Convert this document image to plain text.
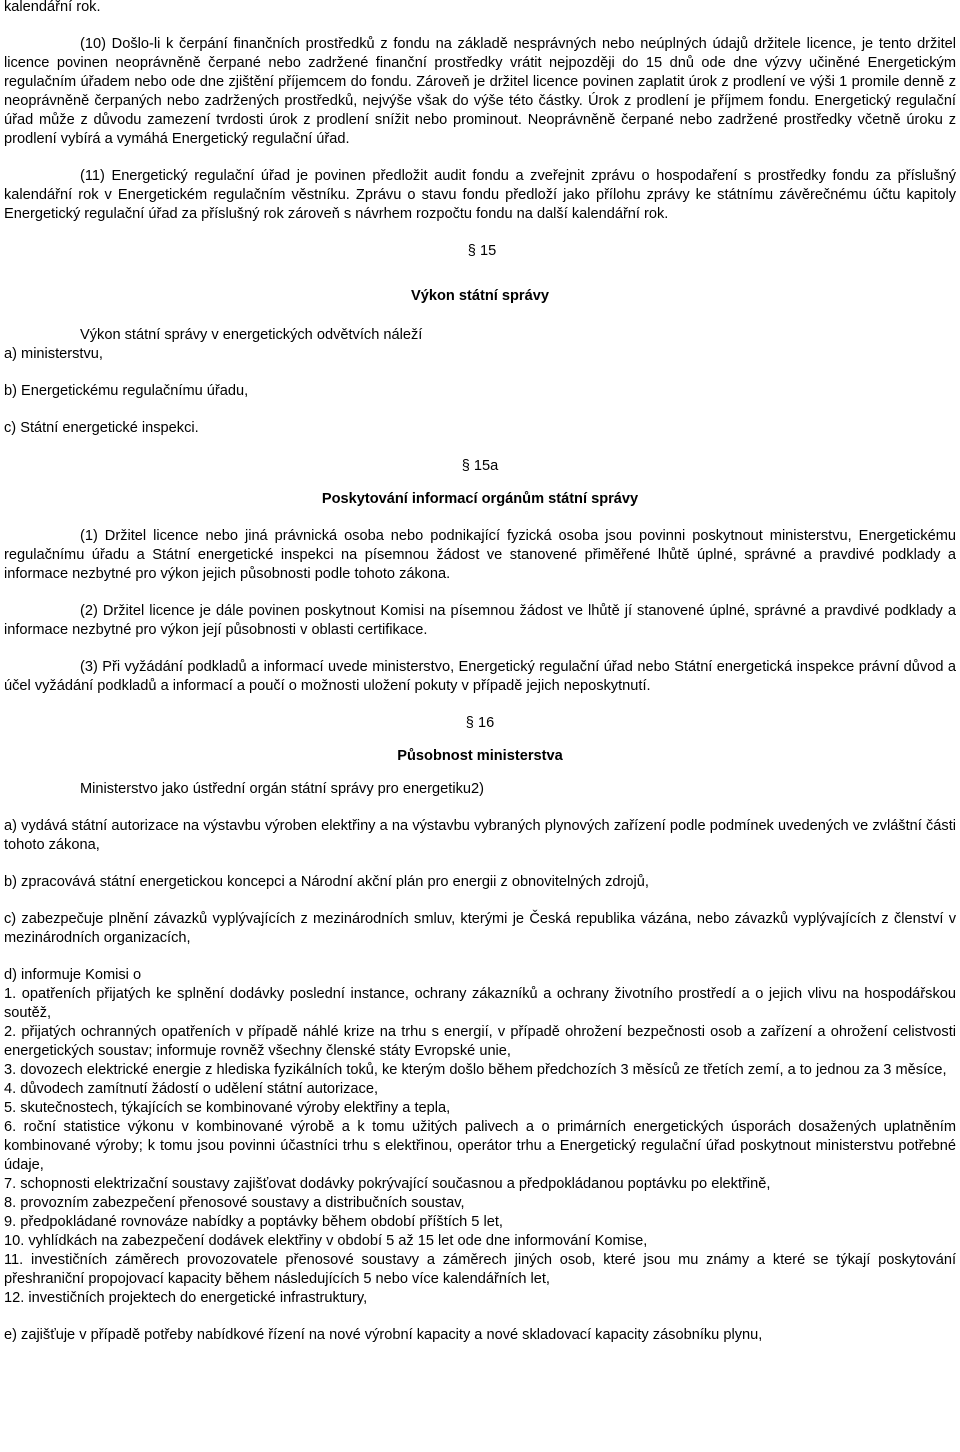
kalendářní rok.

(10) Došlo-li k čerpání finančních prostředků z fondu na základě nesprávných nebo neúplných údajů držitele licence, je tento držitel licence povinen neoprávněně čerpané nebo zadržené finanční prostředky vrátit nejpozději do 15 dnů ode dne výzvy učiněné Energetickým regulačním úřadem nebo ode dne zjištění příjemcem do fondu. Zároveň je držitel licence povinen zaplatit úrok z prodlení ve výši 1 promile denně z neoprávněně čerpaných nebo zadržených prostředků, nejvýše však do výše této částky. Úrok z prodlení je příjmem fondu. Energetický regulační úřad může z důvodu zamezení tvrdosti úrok z prodlení snížit nebo prominout. Neoprávněně čerpané nebo zadržené prostředky včetně úroku z prodlení vybírá a vymáhá Energetický regulační úřad.

(11) Energetický regulační úřad je povinen předložit audit fondu a zveřejnit zprávu o hospodaření s prostředky fondu za příslušný kalendářní rok v Energetickém regulačním věstníku. Zprávu o stavu fondu předloží jako přílohu zprávy ke státnímu závěrečnému účtu kapitoly Energetický regulační úřad za příslušný rok zároveň s návrhem rozpočtu fondu na další kalendářní rok.

§ 15

Výkon státní správy

Výkon státní správy v energetických odvětvích náleží

a) ministerstvu,

b) Energetickému regulačnímu úřadu,

c) Státní energetické inspekci.

§ 15a

Poskytování informací orgánům státní správy

(1) Držitel licence nebo jiná právnická osoba nebo podnikající fyzická osoba jsou povinni poskytnout ministerstvu, Energetickému regulačnímu úřadu a Státní energetické inspekci na písemnou žádost ve stanovené přiměřené lhůtě úplné, správné a pravdivé podklady a informace nezbytné pro výkon jejich působnosti podle tohoto zákona.

(2) Držitel licence je dále povinen poskytnout Komisi na písemnou žádost ve lhůtě jí stanovené úplné, správné a pravdivé podklady a informace nezbytné pro výkon její působnosti v oblasti certifikace.

(3) Při vyžádání podkladů a informací uvede ministerstvo, Energetický regulační úřad nebo Státní energetická inspekce právní důvod a účel vyžádání podkladů a informací a poučí o možnosti uložení pokuty v případě jejich neposkytnutí.

§ 16

Působnost ministerstva

Ministerstvo jako ústřední orgán státní správy pro energetiku2)

a) vydává státní autorizace na výstavbu výroben elektřiny a na výstavbu vybraných plynových zařízení podle podmínek uvedených ve zvláštní části tohoto zákona,

b) zpracovává státní energetickou koncepci a Národní akční plán pro energii z obnovitelných zdrojů,

c) zabezpečuje plnění závazků vyplývajících z mezinárodních smluv, kterými je Česká republika vázána, nebo závazků vyplývajících z členství v mezinárodních organizacích,

d) informuje Komisi o

1. opatřeních přijatých ke splnění dodávky poslední instance, ochrany zákazníků a ochrany životního prostředí a o jejich vlivu na hospodářskou soutěž,

2. přijatých ochranných opatřeních v případě náhlé krize na trhu s energií, v případě ohrožení bezpečnosti osob a zařízení a ohrožení celistvosti energetických soustav; informuje rovněž všechny členské státy Evropské unie,

3. dovozech elektrické energie z hlediska fyzikálních toků, ke kterým došlo během předchozích 3 měsíců ze třetích zemí, a to jednou za 3 měsíce,

4. důvodech zamítnutí žádostí o udělení státní autorizace,

5. skutečnostech, týkajících se kombinované výroby elektřiny a tepla,

6. roční statistice výkonu v kombinované výrobě a k tomu užitých palivech a o primárních energetických úsporách dosažených uplatněním kombinované výroby; k tomu jsou povinni účastníci trhu s elektřinou, operátor trhu a Energetický regulační úřad poskytnout ministerstvu potřebné údaje,

7. schopnosti elektrizační soustavy zajišťovat dodávky pokrývající současnou a předpokládanou poptávku po elektřině,

8. provozním zabezpečení přenosové soustavy a distribučních soustav,

9. předpokládané rovnováze nabídky a poptávky během období příštích 5 let,

10. vyhlídkách na zabezpečení dodávek elektřiny v období 5 až 15 let ode dne informování Komise,

11. investičních záměrech provozovatele přenosové soustavy a záměrech jiných osob, které jsou mu známy a které se týkají poskytování přeshraniční propojovací kapacity během následujících 5 nebo více kalendářních let,

12. investičních projektech do energetické infrastruktury,

e) zajišťuje v případě potřeby nabídkové řízení na nové výrobní kapacity a nové skladovací kapacity zásobníku plynu,
